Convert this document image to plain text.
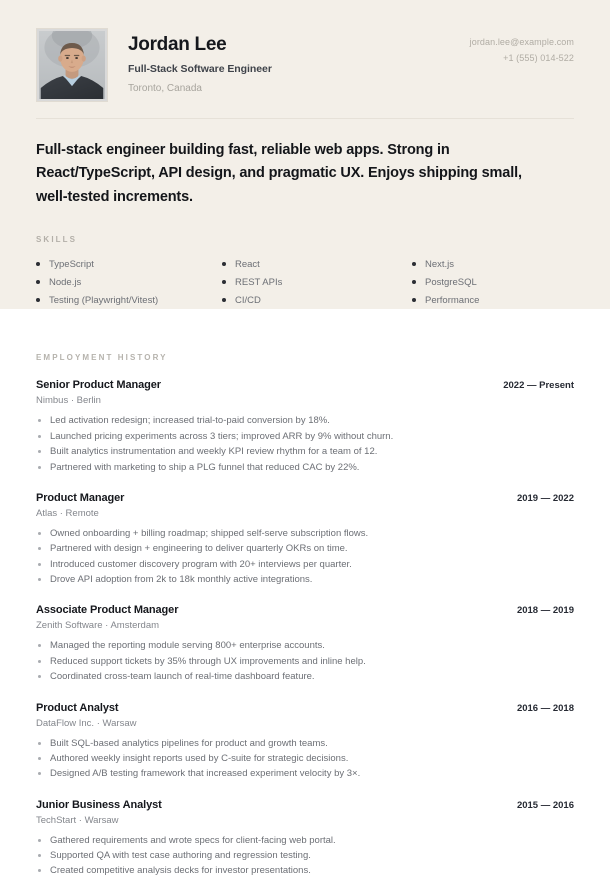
Jordan Lee
Full-Stack Software Engineer
Toronto, Canada
jordan.lee@example.com
+1 (555) 014-522
Full-stack engineer building fast, reliable web apps. Strong in React/TypeScript, API design, and pragmatic UX. Enjoys shipping small, well-tested increments.
SKILLS
TypeScript	React	Next.js
Node.js	REST APIs	PostgreSQL
Testing (Playwright/Vitest)	CI/CD	Performance
EMPLOYMENT HISTORY
Senior Product Manager	2022 — Present
Nimbus · Berlin
Led activation redesign; increased trial-to-paid conversion by 18%.
Launched pricing experiments across 3 tiers; improved ARR by 9% without churn.
Built analytics instrumentation and weekly KPI review rhythm for a team of 12.
Partnered with marketing to ship a PLG funnel that reduced CAC by 22%.
Product Manager	2019 — 2022
Atlas · Remote
Owned onboarding + billing roadmap; shipped self-serve subscription flows.
Partnered with design + engineering to deliver quarterly OKRs on time.
Introduced customer discovery program with 20+ interviews per quarter.
Drove API adoption from 2k to 18k monthly active integrations.
Associate Product Manager	2018 — 2019
Zenith Software · Amsterdam
Managed the reporting module serving 800+ enterprise accounts.
Reduced support tickets by 35% through UX improvements and inline help.
Coordinated cross-team launch of real-time dashboard feature.
Product Analyst	2016 — 2018
DataFlow Inc. · Warsaw
Built SQL-based analytics pipelines for product and growth teams.
Authored weekly insight reports used by C-suite for strategic decisions.
Designed A/B testing framework that increased experiment velocity by 3×.
Junior Business Analyst	2015 — 2016
TechStart · Warsaw
Gathered requirements and wrote specs for client-facing web portal.
Supported QA with test case authoring and regression testing.
Created competitive analysis decks for investor presentations.
